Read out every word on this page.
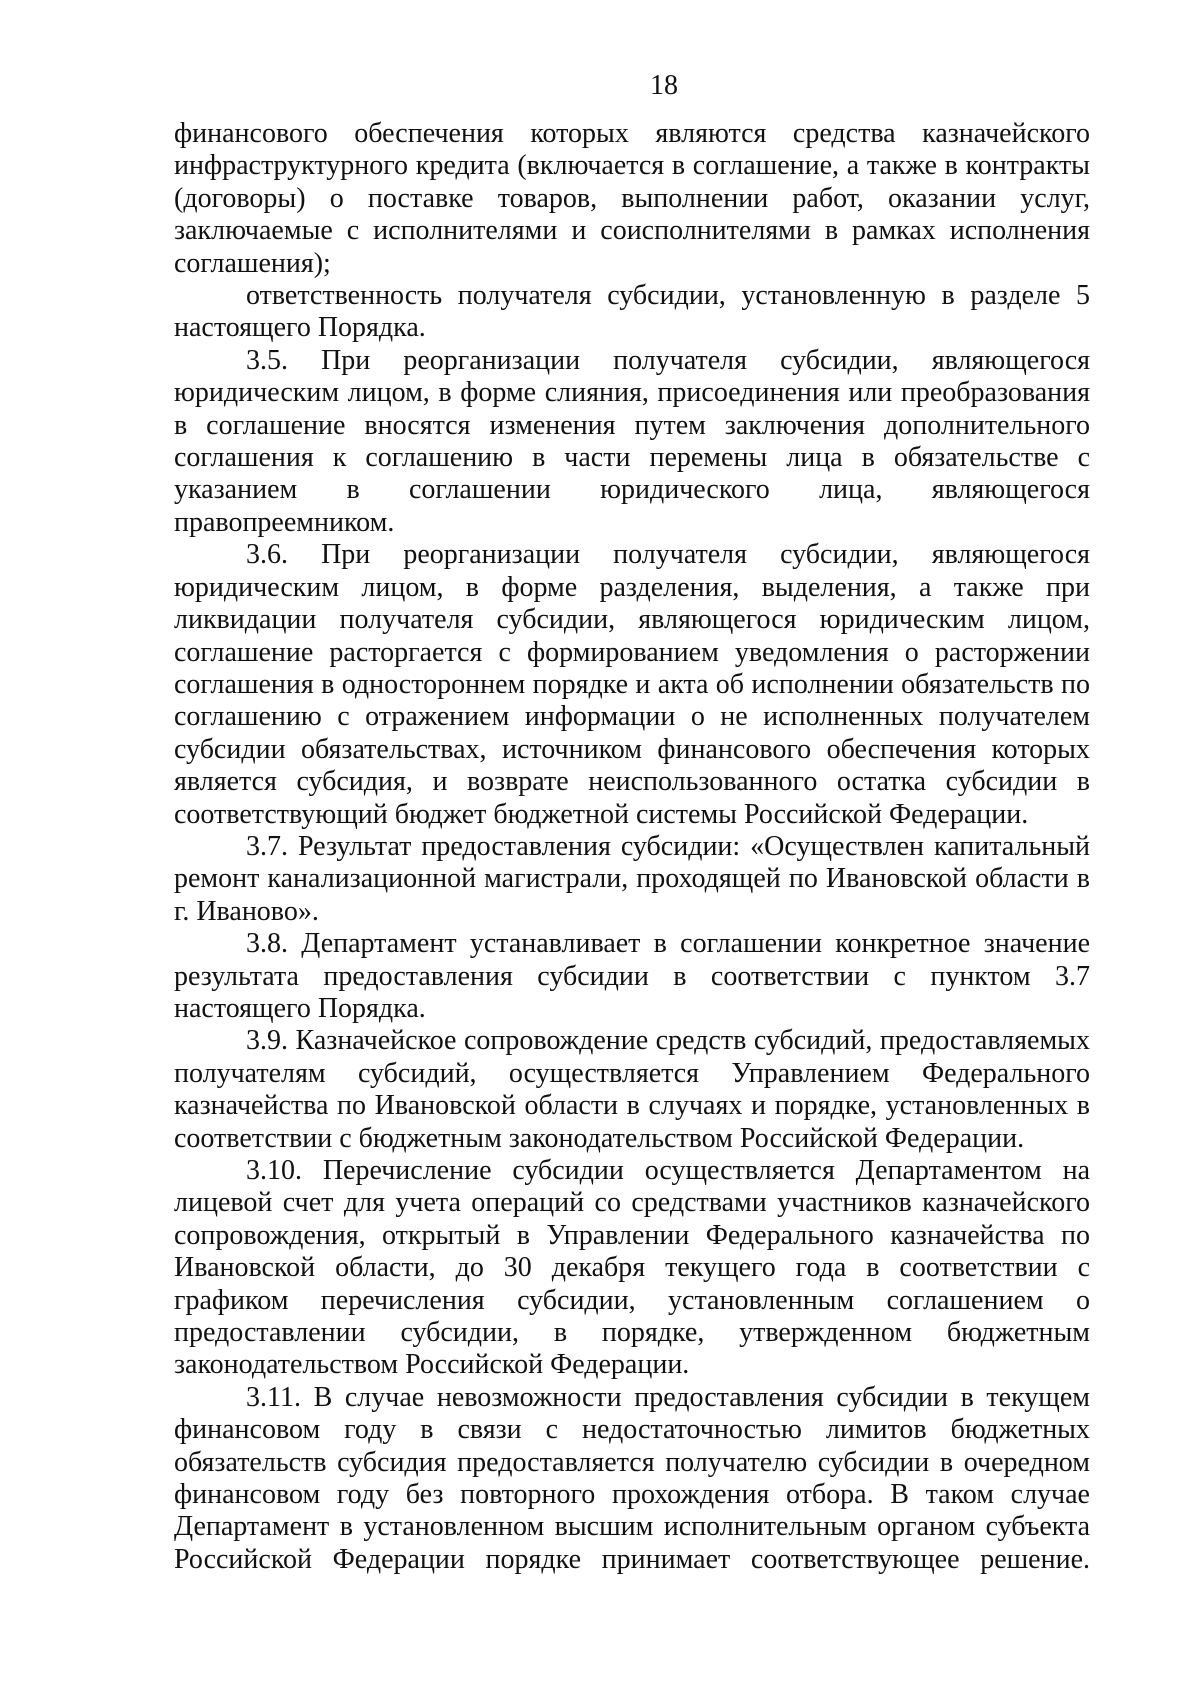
18

финансового обеспечения которых являются средства казначейского инфраструктурного кредита (включается в соглашение, а также в контракты (договоры) о поставке товаров, выполнении работ, оказании услуг, заключаемые с исполнителями и соисполнителями в рамках исполнения соглашения);

ответственность получателя субсидии, установленную в разделе 5 настоящего Порядка.

3.5. При реорганизации получателя субсидии, являющегося юридическим лицом, в форме слияния, присоединения или преобразования в соглашение вносятся изменения путем заключения дополнительного соглашения к соглашению в части перемены лица в обязательстве с указанием в соглашении юридического лица, являющегося правопреемником.

3.6. При реорганизации получателя субсидии, являющегося юридическим лицом, в форме разделения, выделения, а также при ликвидации получателя субсидии, являющегося юридическим лицом, соглашение расторгается с формированием уведомления о расторжении соглашения в одностороннем порядке и акта об исполнении обязательств по соглашению с отражением информации о не исполненных получателем субсидии обязательствах, источником финансового обеспечения которых является субсидия, и возврате неиспользованного остатка субсидии в соответствующий бюджет бюджетной системы Российской Федерации.

3.7. Результат предоставления субсидии: «Осуществлен капитальный ремонт канализационной магистрали, проходящей по Ивановской области в г. Иваново».

3.8. Департамент устанавливает в соглашении конкретное значение результата предоставления субсидии в соответствии с пунктом 3.7 настоящего Порядка.

3.9. Казначейское сопровождение средств субсидий, предоставляемых получателям субсидий, осуществляется Управлением Федерального казначейства по Ивановской области в случаях и порядке, установленных в соответствии с бюджетным законодательством Российской Федерации.

3.10. Перечисление субсидии осуществляется Департаментом на лицевой счет для учета операций со средствами участников казначейского сопровождения, открытый в Управлении Федерального казначейства по Ивановской области, до 30 декабря текущего года в соответствии с графиком перечисления субсидии, установленным соглашением о предоставлении субсидии, в порядке, утвержденном бюджетным законодательством Российской Федерации.

3.11. В случае невозможности предоставления субсидии в текущем финансовом году в связи с недостаточностью лимитов бюджетных обязательств субсидия предоставляется получателю субсидии в очередном финансовом году без повторного прохождения отбора. В таком случае Департамент в установленном высшим исполнительным органом субъекта Российской Федерации порядке принимает соответствующее решение.
